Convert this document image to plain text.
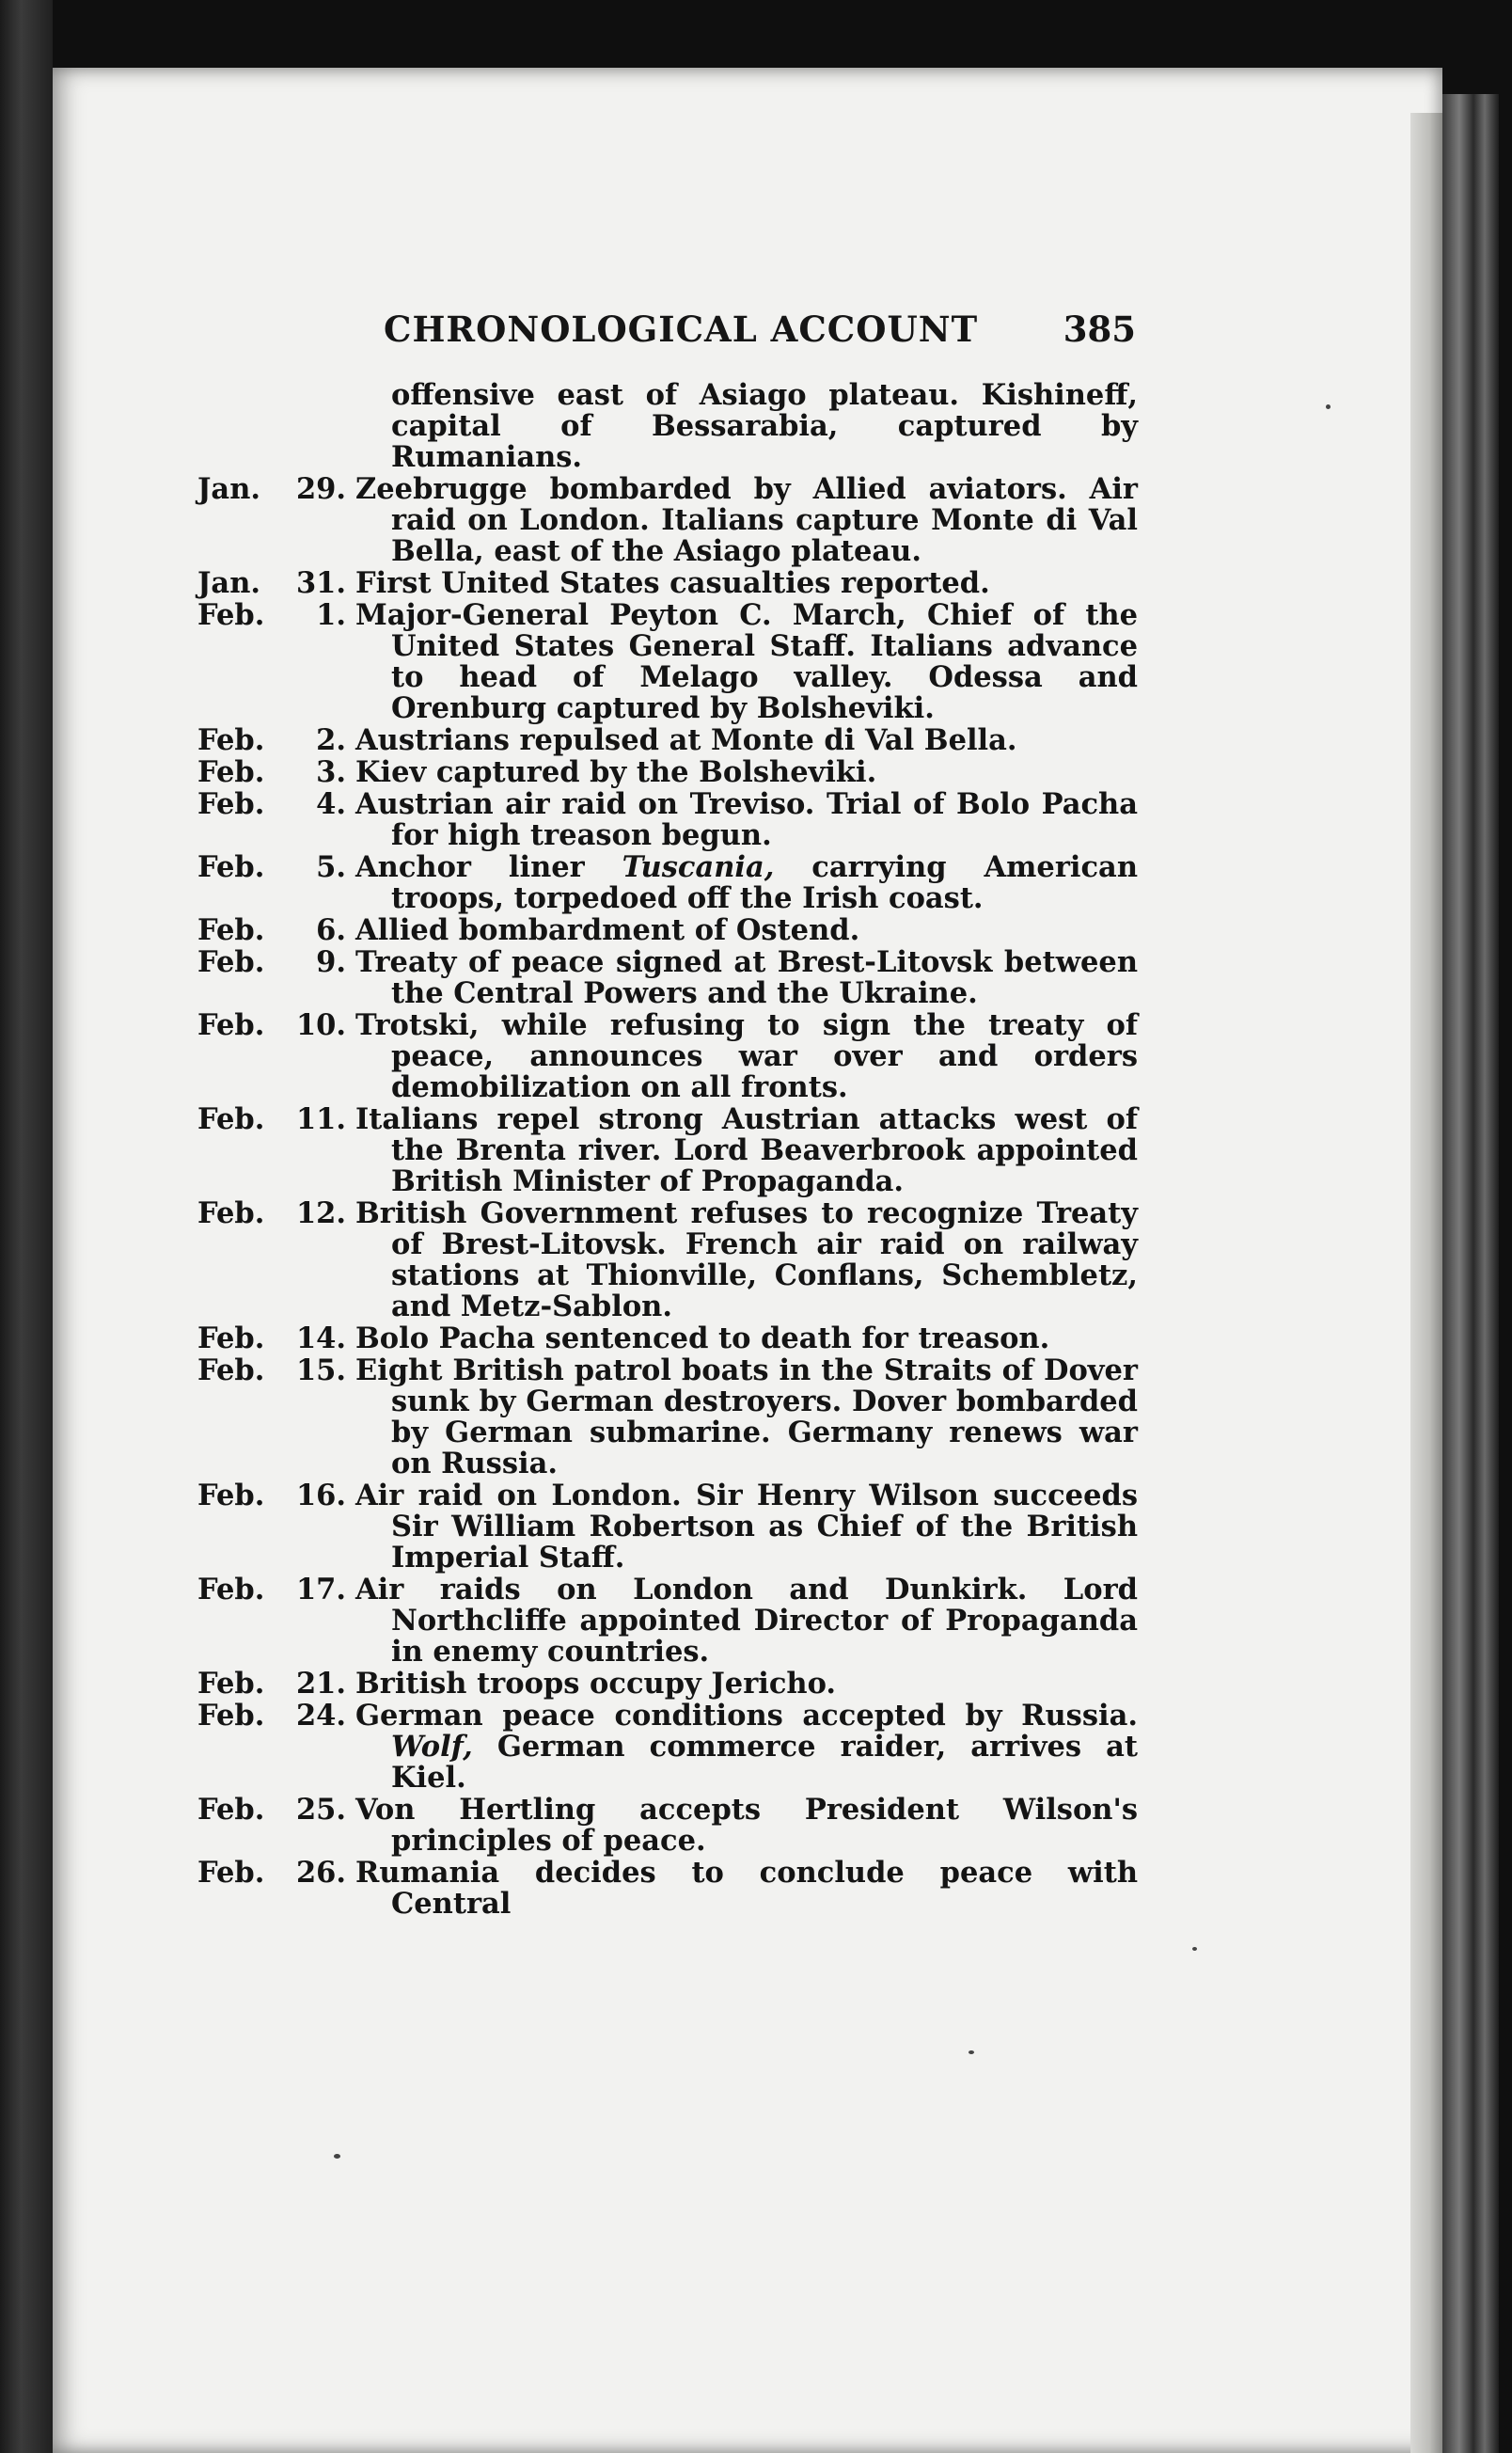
CHRONOLOGICAL ACCOUNT 385
offensive east of Asiago plateau. Kishineff, capital of Bessarabia, captured by Rumanians.
Jan. 29. Zeebrugge bombarded by Allied aviators. Air raid on London. Italians capture Monte di Val Bella, east of the Asiago plateau.
Jan. 31. First United States casualties reported.
Feb. 1. Major-General Peyton C. March, Chief of the United States General Staff. Italians advance to head of Melago valley. Odessa and Orenburg captured by Bolsheviki.
Feb. 2. Austrians repulsed at Monte di Val Bella.
Feb. 3. Kiev captured by the Bolsheviki.
Feb. 4. Austrian air raid on Treviso. Trial of Bolo Pacha for high treason begun.
Feb. 5. Anchor liner Tuscania, carrying American troops, torpedoed off the Irish coast.
Feb. 6. Allied bombardment of Ostend.
Feb. 9. Treaty of peace signed at Brest-Litovsk between the Central Powers and the Ukraine.
Feb. 10. Trotski, while refusing to sign the treaty of peace, announces war over and orders demobilization on all fronts.
Feb. 11. Italians repel strong Austrian attacks west of the Brenta river. Lord Beaverbrook appointed British Minister of Propaganda.
Feb. 12. British Government refuses to recognize Treaty of Brest-Litovsk. French air raid on railway stations at Thionville, Conflans, Schembletz, and Metz-Sablon.
Feb. 14. Bolo Pacha sentenced to death for treason.
Feb. 15. Eight British patrol boats in the Straits of Dover sunk by German destroyers. Dover bombarded by German submarine. Germany renews war on Russia.
Feb. 16. Air raid on London. Sir Henry Wilson succeeds Sir William Robertson as Chief of the British Imperial Staff.
Feb. 17. Air raids on London and Dunkirk. Lord Northcliffe appointed Director of Propaganda in enemy countries.
Feb. 21. British troops occupy Jericho.
Feb. 24. German peace conditions accepted by Russia. Wolf, German commerce raider, arrives at Kiel.
Feb. 25. Von Hertling accepts President Wilson's principles of peace.
Feb. 26. Rumania decides to conclude peace with Central
